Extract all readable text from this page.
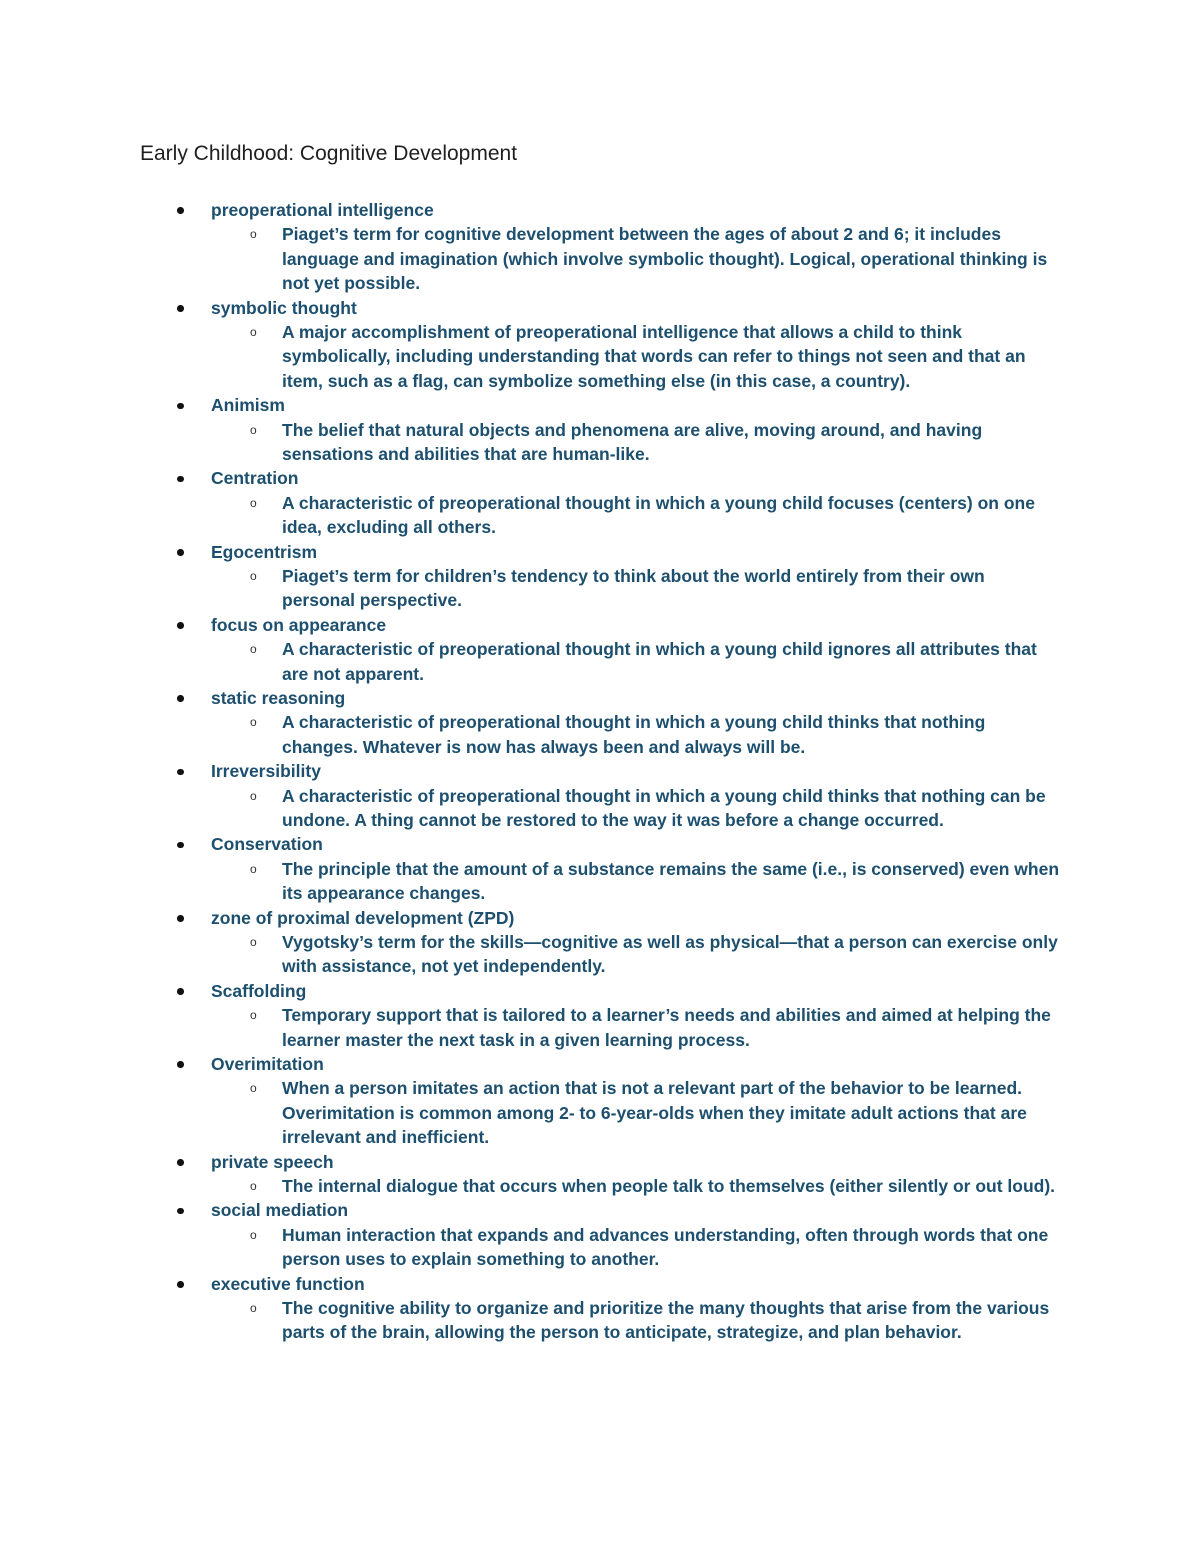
Early Childhood: Cognitive Development
preoperational intelligence
o Piaget’s term for cognitive development between the ages of about 2 and 6; it includes language and imagination (which involve symbolic thought). Logical, operational thinking is not yet possible.
symbolic thought
o A major accomplishment of preoperational intelligence that allows a child to think symbolically, including understanding that words can refer to things not seen and that an item, such as a flag, can symbolize something else (in this case, a country).
Animism
o The belief that natural objects and phenomena are alive, moving around, and having sensations and abilities that are human-like.
Centration
o A characteristic of preoperational thought in which a young child focuses (centers) on one idea, excluding all others.
Egocentrism
o Piaget’s term for children’s tendency to think about the world entirely from their own personal perspective.
focus on appearance
o A characteristic of preoperational thought in which a young child ignores all attributes that are not apparent.
static reasoning
o A characteristic of preoperational thought in which a young child thinks that nothing changes. Whatever is now has always been and always will be.
Irreversibility
o A characteristic of preoperational thought in which a young child thinks that nothing can be undone. A thing cannot be restored to the way it was before a change occurred.
Conservation
o The principle that the amount of a substance remains the same (i.e., is conserved) even when its appearance changes.
zone of proximal development (ZPD)
o Vygotsky’s term for the skills—cognitive as well as physical—that a person can exercise only with assistance, not yet independently.
Scaffolding
o Temporary support that is tailored to a learner’s needs and abilities and aimed at helping the learner master the next task in a given learning process.
Overimitation
o When a person imitates an action that is not a relevant part of the behavior to be learned. Overimitation is common among 2- to 6-year-olds when they imitate adult actions that are irrelevant and inefficient.
private speech
o The internal dialogue that occurs when people talk to themselves (either silently or out loud).
social mediation
o Human interaction that expands and advances understanding, often through words that one person uses to explain something to another.
executive function
o The cognitive ability to organize and prioritize the many thoughts that arise from the various parts of the brain, allowing the person to anticipate, strategize, and plan behavior.
